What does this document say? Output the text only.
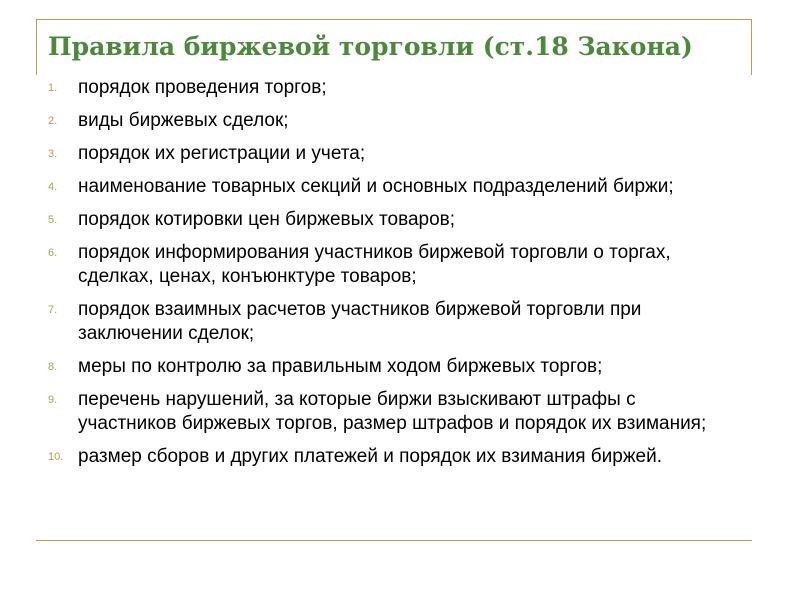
Правила биржевой торговли (ст.18 Закона)
1.	порядок проведения торгов;
2.	виды биржевых сделок;
3.	порядок их регистрации и учета;
4.	наименование товарных секций и основных подразделений биржи;
5.	порядок котировки цен биржевых товаров;
6.	порядок информирования участников биржевой торговли о торгах, сделках, ценах, конъюнктуре товаров;
7.	порядок взаимных расчетов участников биржевой торговли при заключении сделок;
8.	меры по контролю за правильным ходом биржевых торгов;
9.	перечень нарушений, за которые биржи взыскивают штрафы с участников биржевых торгов, размер штрафов и порядок их взимания;
10. размер сборов и других платежей и порядок их взимания биржей.
